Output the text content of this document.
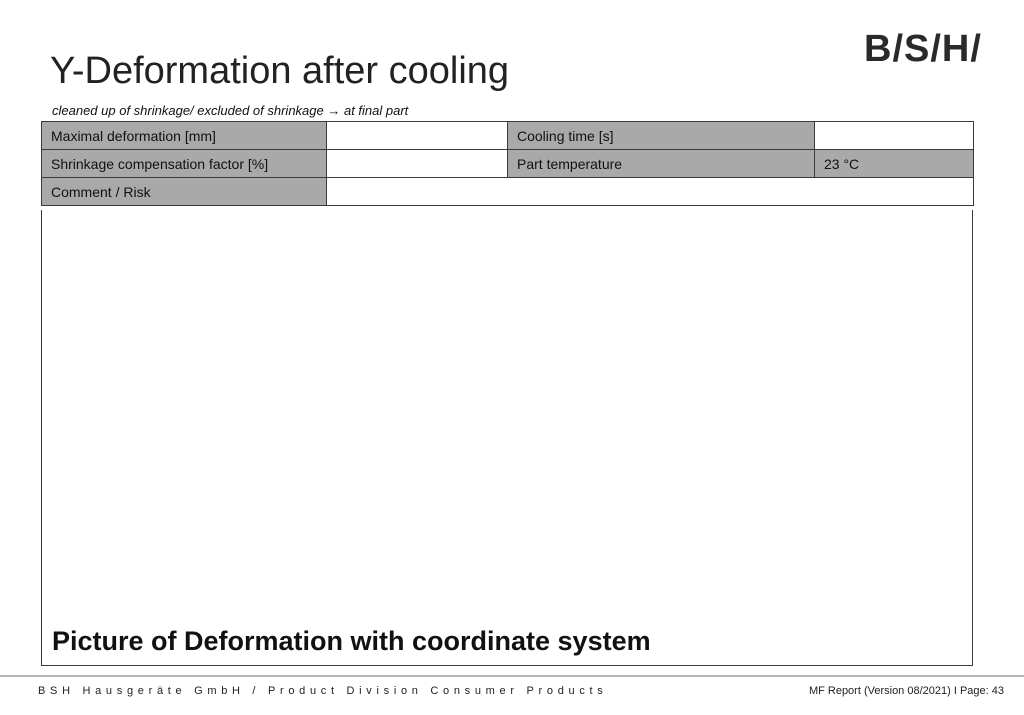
Y-Deformation after cooling
B/S/H/
cleaned up of shrinkage/ excluded of shrinkage → at final part
Maximal deformation [mm]		Cooling time [s]	
Shrinkage compensation factor [%]		Part temperature	23 °C
Comment / Risk			
Picture of Deformation with coordinate system
BSH Hausgeräte GmbH / Product Division Consumer Products	MF Report (Version 08/2021) I Page: 43
